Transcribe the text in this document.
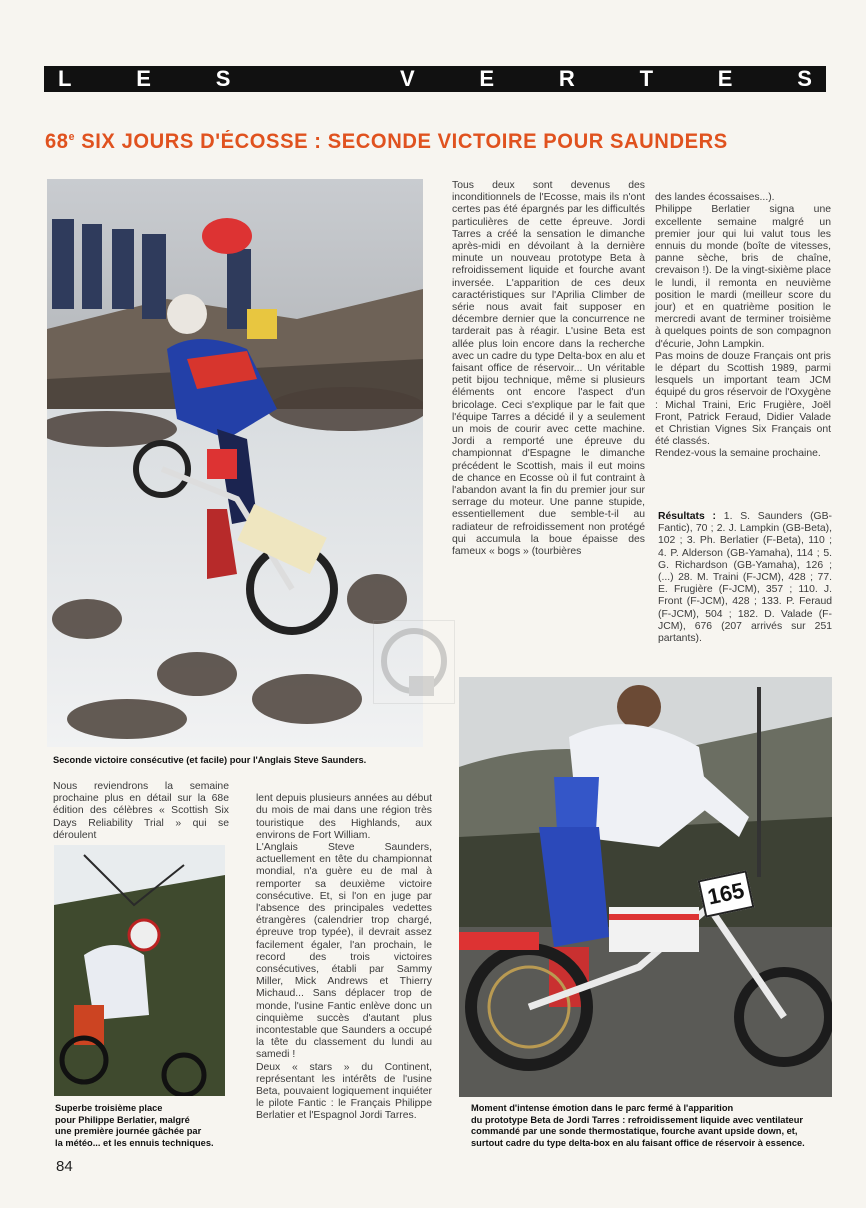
L	E	S	V	E	R	T	E	S
68e SIX JOURS D'ÉCOSSE : SECONDE VICTOIRE POUR SAUNDERS
Seconde victoire consécutive (et facile) pour l'Anglais Steve Saunders.

Tous deux sont devenus des inconditionnels de l'Ecosse, mais ils n'ont certes pas été épargnés par les difficultés particulières de cette épreuve. Jordi Tarres a créé la sensation le dimanche après-midi en dévoilant à la dernière minute un nouveau prototype Beta à refroidissement liquide et fourche avant inversée. L'apparition de ces deux caractéristiques sur l'Aprilia Climber de série nous avait fait supposer en décembre dernier que la concurrence ne tarderait pas à réagir. L'usine Beta est allée plus loin encore dans la recherche avec un cadre du type Delta-box en alu et faisant office de réservoir... Un véritable petit bijou technique, même si plusieurs éléments ont encore l'aspect d'un bricolage. Ceci s'explique par le fait que l'équipe Tarres a décidé il y a seulement un mois de courir avec cette machine. Jordi a remporté une épreuve du championnat d'Espagne le dimanche précédent le Scottish, mais il eut moins de chance en Ecosse où il fut contraint à l'abandon avant la fin du premier jour sur serrage du moteur. Une panne stupide, essentiellement due semble-t-il au radiateur de refroidissement non protégé qui accumula la boue épaisse des fameux « bogs » (tourbières

des landes écossaises...).
Philippe Berlatier signa une excellente semaine malgré un premier jour qui lui valut tous les ennuis du monde (boîte de vitesses, panne sèche, bris de chaîne, crevaison !). De la vingt-sixième place le lundi, il remonta en neuvième position le mardi (meilleur score du jour) et en quatrième position le mercredi avant de terminer troisième à quelques points de son compagnon d'écurie, John Lampkin.
Pas moins de douze Français ont pris le départ du Scottish 1989, parmi lesquels un important team JCM équipé du gros réservoir de l'Oxygène : Michal Traini, Eric Frugière, Joël Front, Patrick Feraud, Didier Valade et Christian Vignes Six Français ont été classés.
Rendez-vous la semaine prochaine.

Résultats : 1. S. Saunders (GB-Fantic), 70 ; 2. J. Lampkin (GB-Beta), 102 ; 3. Ph. Berlatier (F-Beta), 110 ; 4. P. Alderson (GB-Yamaha), 114 ; 5. G. Richardson (GB-Yamaha), 126 ; (...) 28. M. Traini (F-JCM), 428 ; 77. E. Frugière (F-JCM), 357 ; 110. J. Front (F-JCM), 428 ; 133. P. Feraud (F-JCM), 504 ; 182. D. Valade (F-JCM), 676 (207 arrivés sur 251 partants).

Nous reviendrons la semaine prochaine plus en détail sur la 68e édition des célèbres « Scottish Six Days Reliability Trial » qui se déroulent

Superbe troisième place
pour Philippe Berlatier, malgré
une première journée gâchée par
la météo... et les ennuis techniques.

lent depuis plusieurs années au début du mois de mai dans une région très touristique des Highlands, aux environs de Fort William.
L'Anglais Steve Saunders, actuellement en tête du championnat mondial, n'a guère eu de mal à remporter sa deuxième victoire consécutive. Et, si l'on en juge par l'absence des principales vedettes étrangères (calendrier trop chargé, épreuve trop typée), il devrait assez facilement égaler, l'an prochain, le record des trois victoires consécutives, établi par Sammy Miller, Mick Andrews et Thierry Michaud... Sans déplacer trop de monde, l'usine Fantic enlève donc un cinquième succès d'autant plus incontestable que Saunders a occupé la tête du classement du lundi au samedi !
Deux « stars » du Continent, représentant les intérêts de l'usine Beta, pouvaient logiquement inquiéter le pilote Fantic : le Français Philippe Berlatier et l'Espagnol Jordi Tarres.

165
Moment d'intense émotion dans le parc fermé à l'apparition
du prototype Beta de Jordi Tarres : refroidissement liquide avec ventilateur
commandé par une sonde thermostatique, fourche avant upside down, et,
surtout cadre du type delta-box en alu faisant office de réservoir à essence.
84
